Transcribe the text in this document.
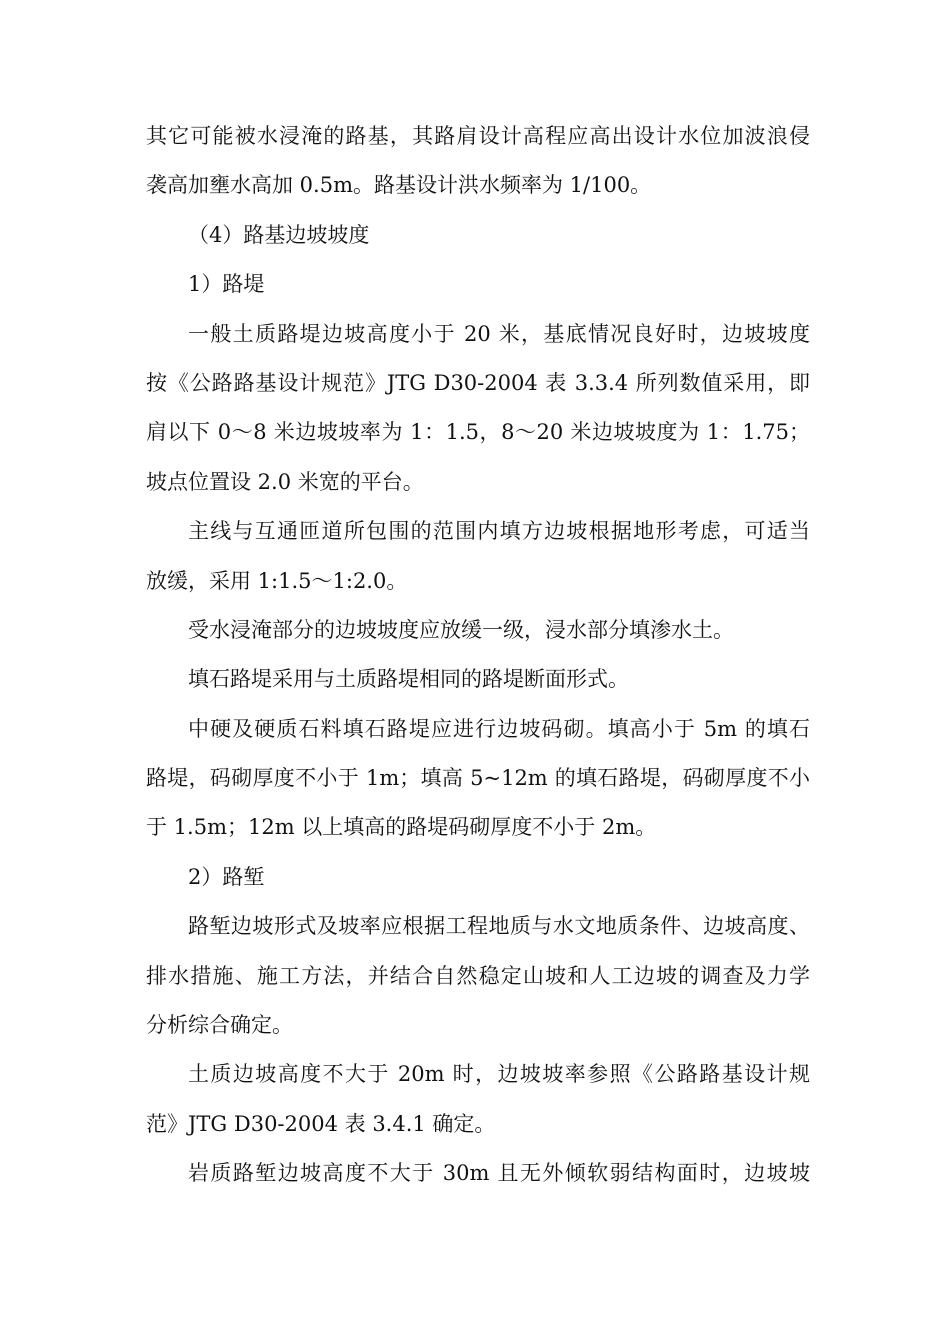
其它可能被水浸淹的路基，其路肩设计高程应高出设计水位加波浪侵
袭高加壅水高加 0.5m。路基设计洪水频率为 1/100。
（4）路基边坡坡度
1）路堤
一般土质路堤边坡高度小于 20 米，基底情况良好时，边坡坡度
按《公路路基设计规范》JTG D30-2004 表 3.3.4 所列数值采用，即
肩以下 0～8 米边坡坡率为 1：1.5，8～20 米边坡坡度为 1：1.75；
坡点位置设 2.0 米宽的平台。
主线与互通匝道所包围的范围内填方边坡根据地形考虑，可适当
放缓，采用 1:1.5～1:2.0。
受水浸淹部分的边坡坡度应放缓一级，浸水部分填渗水土。
填石路堤采用与土质路堤相同的路堤断面形式。
中硬及硬质石料填石路堤应进行边坡码砌。填高小于 5m 的填石
路堤，码砌厚度不小于 1m；填高 5~12m 的填石路堤，码砌厚度不小
于 1.5m；12m 以上填高的路堤码砌厚度不小于 2m。
2）路堑
路堑边坡形式及坡率应根据工程地质与水文地质条件、边坡高度、
排水措施、施工方法，并结合自然稳定山坡和人工边坡的调查及力学
分析综合确定。
土质边坡高度不大于 20m 时，边坡坡率参照《公路路基设计规
范》JTG D30-2004 表 3.4.1 确定。
岩质路堑边坡高度不大于 30m 且无外倾软弱结构面时，边坡坡
